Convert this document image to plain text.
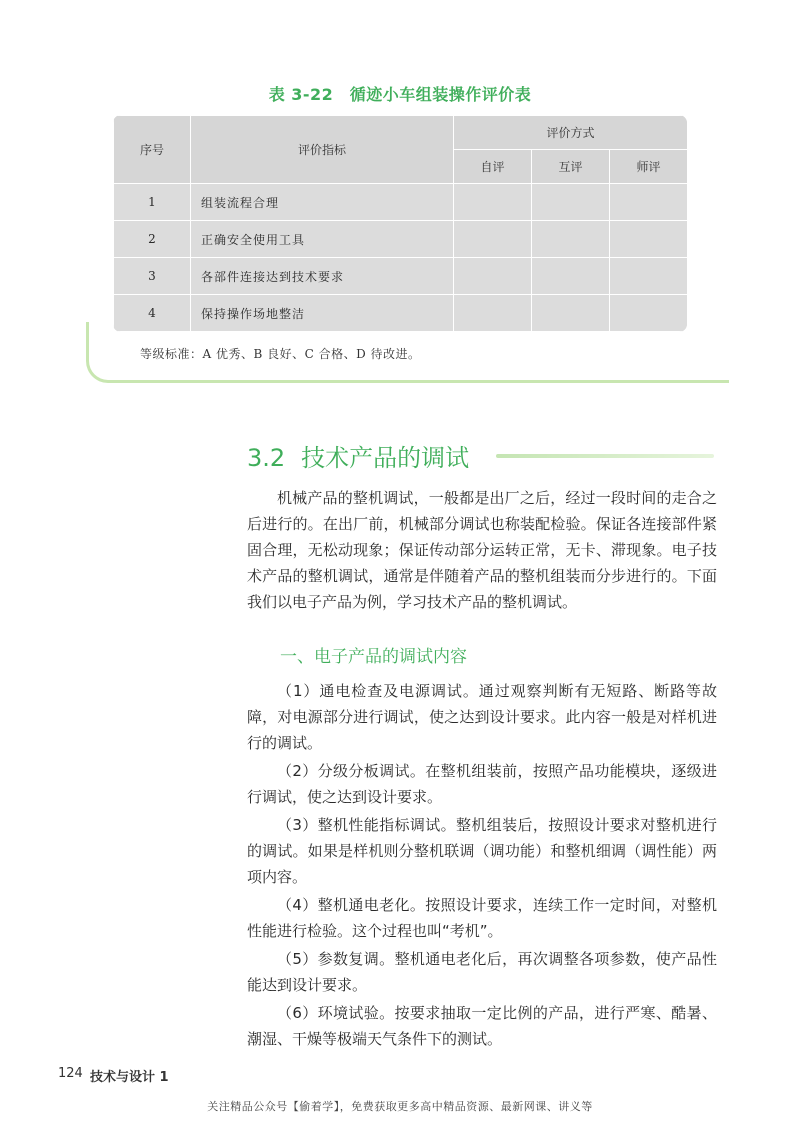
表 3-22　循迹小车组装操作评价表
序号	评价指标	评价方式		
		自评	互评	师评
1	组装流程合理			
2	正确安全使用工具			
3	各部件连接达到技术要求			
4	保持操作场地整洁			
等级标准：A 优秀、B 良好、C 合格、D 待改进。
3.2 技术产品的调试
机械产品的整机调试，一般都是出厂之后，经过一段时间的走合之后进行的。在出厂前，机械部分调试也称装配检验。保证各连接部件紧固合理，无松动现象；保证传动部分运转正常，无卡、滞现象。电子技术产品的整机调试，通常是伴随着产品的整机组装而分步进行的。下面我们以电子产品为例，学习技术产品的整机调试。
一、电子产品的调试内容

（1）通电检查及电源调试。通过观察判断有无短路、断路等故障，对电源部分进行调试，使之达到设计要求。此内容一般是对样机进行的调试。

（2）分级分板调试。在整机组装前，按照产品功能模块，逐级进行调试，使之达到设计要求。

（3）整机性能指标调试。整机组装后，按照设计要求对整机进行的调试。如果是样机则分整机联调（调功能）和整机细调（调性能）两项内容。

（4）整机通电老化。按照设计要求，连续工作一定时间，对整机性能进行检验。这个过程也叫“考机”。

（5）参数复调。整机通电老化后，再次调整各项参数，使产品性能达到设计要求。

（6）环境试验。按要求抽取一定比例的产品，进行严寒、酷暑、潮湿、干燥等极端天气条件下的测试。

124 技术与设计 1
关注精品公众号【偷着学】，免费获取更多高中精品资源、最新网课、讲义等
